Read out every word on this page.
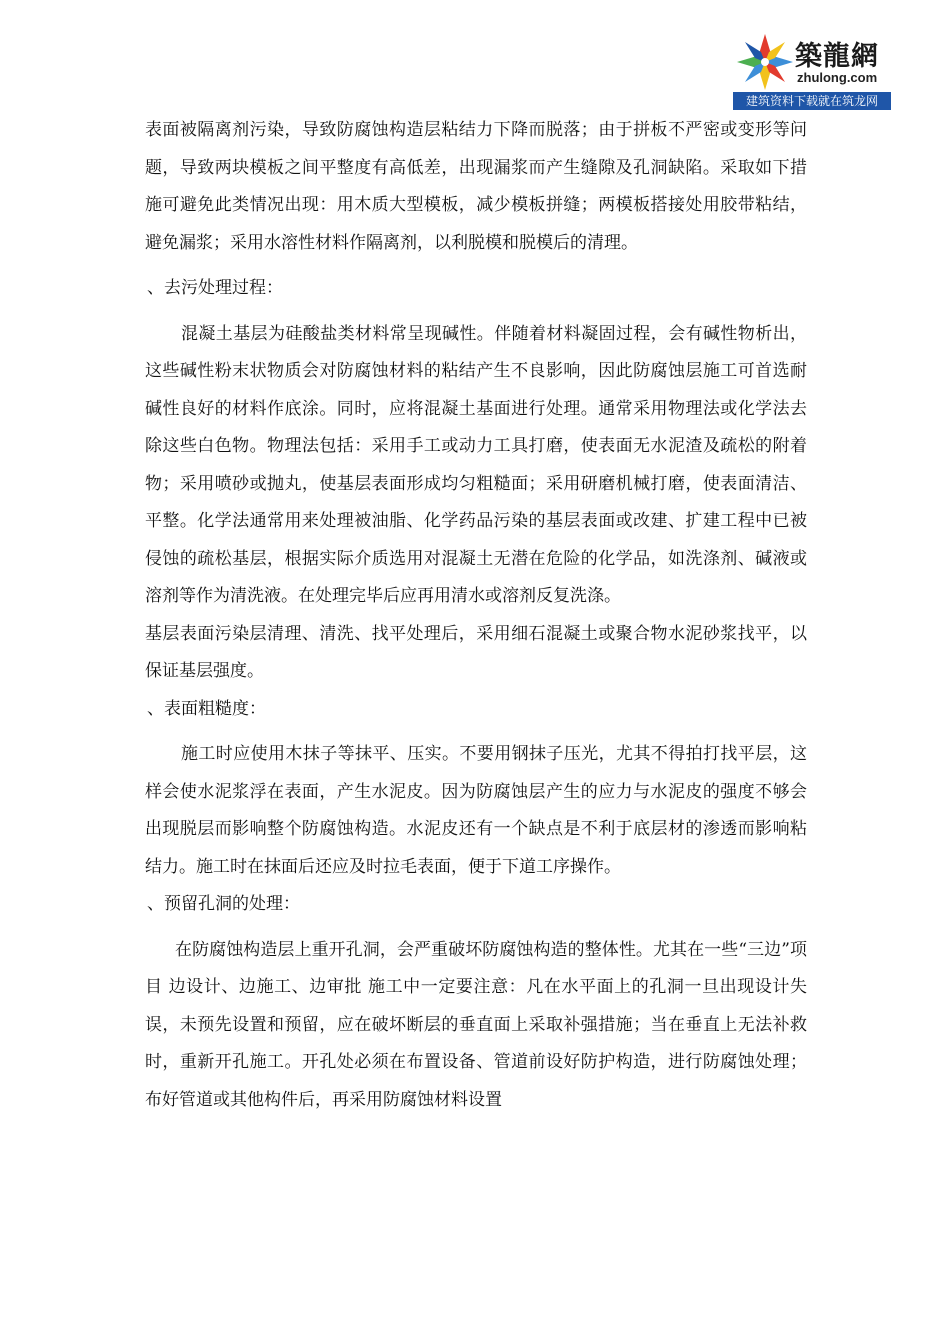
築龍網
zhulong.com
建筑资料下载就在筑龙网

表面被隔离剂污染，导致防腐蚀构造层粘结力下降而脱落；由于拼板不严密或变形等问题，导致两块模板之间平整度有高低差，出现漏浆而产生缝隙及孔洞缺陷。采取如下措施可避免此类情况出现：用木质大型模板，减少模板拼缝；两模板搭接处用胶带粘结，避免漏浆；采用水溶性材料作隔离剂，以利脱模和脱模后的清理。

、去污处理过程：

混凝土基层为硅酸盐类材料常呈现碱性。伴随着材料凝固过程，会有碱性物析出，这些碱性粉末状物质会对防腐蚀材料的粘结产生不良影响，因此防腐蚀层施工可首选耐碱性良好的材料作底涂。同时，应将混凝土基面进行处理。通常采用物理法或化学法去除这些白色物。物理法包括：采用手工或动力工具打磨，使表面无水泥渣及疏松的附着物；采用喷砂或抛丸，使基层表面形成均匀粗糙面；采用研磨机械打磨，使表面清洁、平整。化学法通常用来处理被油脂、化学药品污染的基层表面或改建、扩建工程中已被侵蚀的疏松基层，根据实际介质选用对混凝土无潜在危险的化学品，如洗涤剂、碱液或溶剂等作为清洗液。在处理完毕后应再用清水或溶剂反复洗涤。

基层表面污染层清理、清洗、找平处理后，采用细石混凝土或聚合物水泥砂浆找平，以保证基层强度。

、表面粗糙度：

施工时应使用木抹子等抹平、压实。不要用钢抹子压光，尤其不得拍打找平层，这样会使水泥浆浮在表面，产生水泥皮。因为防腐蚀层产生的应力与水泥皮的强度不够会出现脱层而影响整个防腐蚀构造。水泥皮还有一个缺点是不利于底层材的渗透而影响粘结力。施工时在抹面后还应及时拉毛表面，便于下道工序操作。

、预留孔洞的处理：

在防腐蚀构造层上重开孔洞，会严重破坏防腐蚀构造的整体性。尤其在一些“三边”项目 边设计、边施工、边审批 施工中一定要注意：凡在水平面上的孔洞一旦出现设计失误，未预先设置和预留，应在破坏断层的垂直面上采取补强措施；当在垂直上无法补救时，重新开孔施工。开孔处必须在布置设备、管道前设好防护构造，进行防腐蚀处理；布好管道或其他构件后，再采用防腐蚀材料设置
